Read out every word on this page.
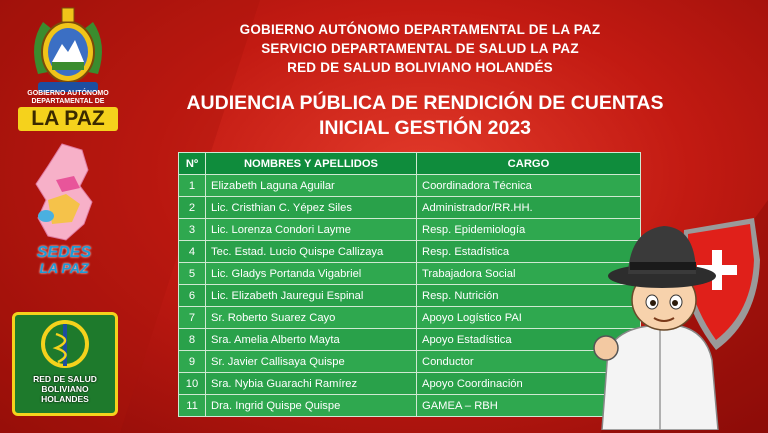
GOBIERNO AUTÓNOMO DEPARTAMENTAL DE LA PAZ
SERVICIO DEPARTAMENTAL DE SALUD LA PAZ
RED DE SALUD BOLIVIANO HOLANDÉS
AUDIENCIA PÚBLICA DE RENDICIÓN DE CUENTAS
INICIAL GESTIÓN 2023
GOBIERNO AUTÓNOMO
DEPARTAMENTAL DE
LA PAZ
SEDES
LA PAZ
RED DE SALUD
BOLIVIANO
HOLANDES
Nº	NOMBRES Y APELLIDOS	CARGO
1	Elizabeth Laguna Aguilar	Coordinadora Técnica
2	Lic. Cristhian C. Yépez Siles	Administrador/RR.HH.
3	Lic. Lorenza Condori Layme	Resp. Epidemiología
4	Tec. Estad. Lucio Quispe Callizaya	Resp. Estadística
5	Lic. Gladys Portanda Vigabriel	Trabajadora Social
6	Lic. Elizabeth Jauregui Espinal	Resp. Nutrición
7	Sr. Roberto Suarez Cayo	Apoyo Logístico PAI
8	Sra. Amelia Alberto Mayta	Apoyo Estadística
9	Sr. Javier Callisaya Quispe	Conductor
10	Sra. Nybia Guarachi Ramírez	Apoyo Coordinación
11	Dra. Ingrid Quispe Quispe	GAMEA – RBH
